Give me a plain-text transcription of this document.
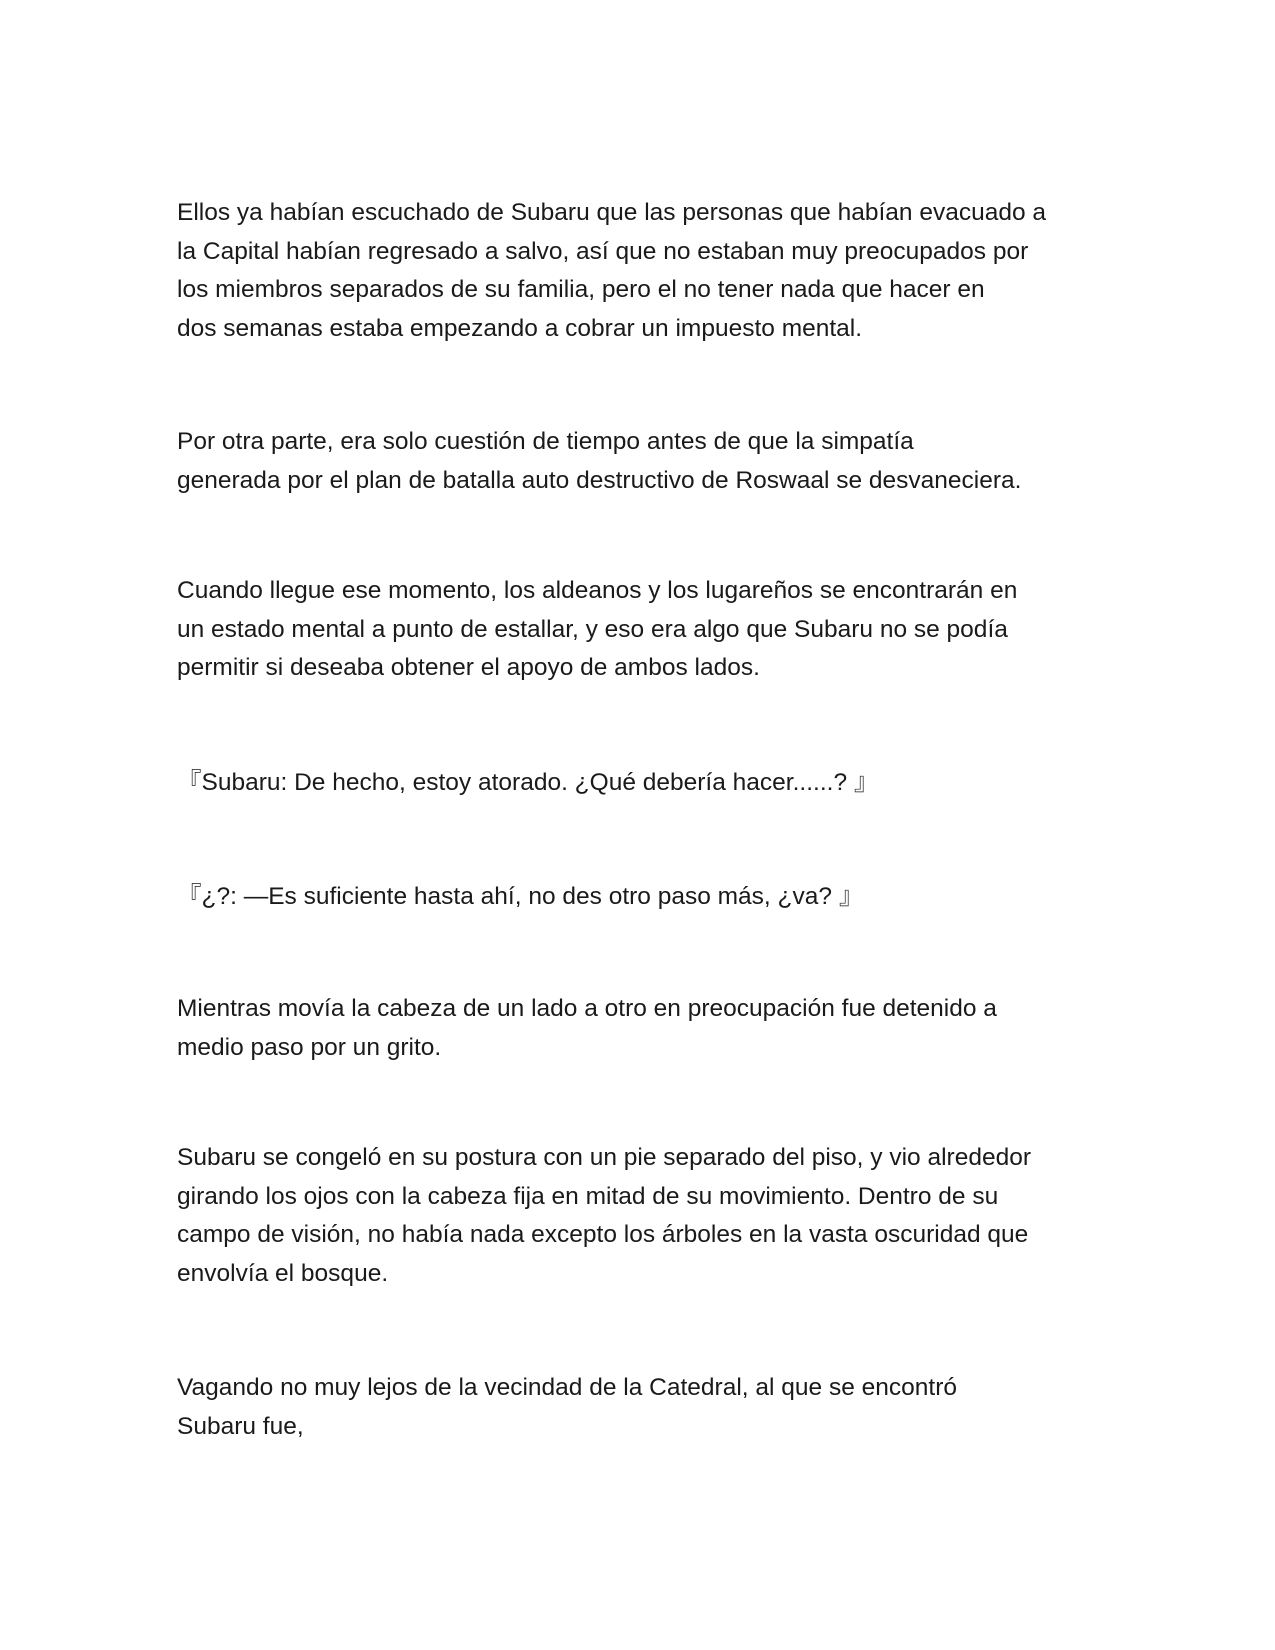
Ellos ya habían escuchado de Subaru que las personas que habían evacuado a
la Capital habían regresado a salvo, así que no estaban muy preocupados por
los miembros separados de su familia, pero el no tener nada que hacer en
dos semanas estaba empezando a cobrar un impuesto mental.

Por otra parte, era solo cuestión de tiempo antes de que la simpatía
generada por el plan de batalla auto destructivo de Roswaal se desvaneciera.

Cuando llegue ese momento, los aldeanos y los lugareños se encontrarán en
un estado mental a punto de estallar, y eso era algo que Subaru no se podía
permitir si deseaba obtener el apoyo de ambos lados.

『Subaru: De hecho, estoy atorado. ¿Qué debería hacer......? 』

『¿?: —Es suficiente hasta ahí, no des otro paso más, ¿va? 』

Mientras movía la cabeza de un lado a otro en preocupación fue detenido a
medio paso por un grito.

Subaru se congeló en su postura con un pie separado del piso, y vio alrededor
girando los ojos con la cabeza fija en mitad de su movimiento. Dentro de su
campo de visión, no había nada excepto los árboles en la vasta oscuridad que
envolvía el bosque.

Vagando no muy lejos de la vecindad de la Catedral, al que se encontró
Subaru fue,
